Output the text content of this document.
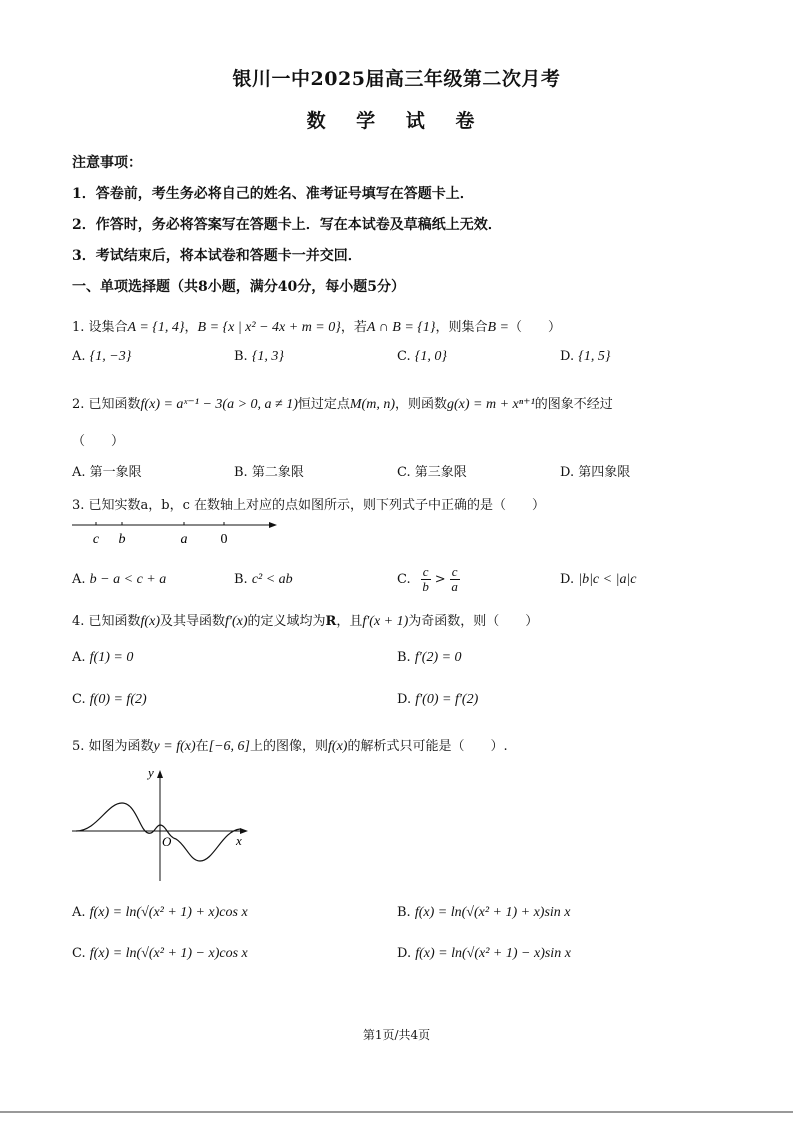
银川一中2025届高三年级第二次月考
数 学 试 卷
注意事项：
1．答卷前，考生务必将自己的姓名、准考证号填写在答题卡上．
2．作答时，务必将答案写在答题卡上．写在本试卷及草稿纸上无效．
3．考试结束后，将本试卷和答题卡一并交回．
一、单项选择题（共8小题，满分40分，每小题5分）
1. 设集合A = {1, 4}，B = {x | x² − 4x + m = 0}，若A ∩ B = {1}，则集合B =（　　）
A. {1, −3}	B. {1, 3}	C. {1, 0}	D. {1, 5}
2. 已知函数f(x) = aˣ⁻¹ − 3(a > 0, a ≠ 1)恒过定点M(m, n)，则函数g(x) = m + xⁿ⁺¹的图象不经过
（　　）
A. 第一象限	B. 第二象限	C. 第三象限	D. 第四象限
3. 已知实数a，b，c 在数轴上对应的点如图所示，则下列式子中正确的是（　　）
c b	a 0
A. b − a < c + a	B. c² < ab	C. $\frac{c}{b} > \frac{c}{a}$	D. |b|c < |a|c
4. 已知函数f(x)及其导函数f′(x)的定义域均为R，且f′(x + 1)为奇函数，则（　　）
A. f(1) = 0	B. f′(2) = 0
C. f(0) = f(2)	D. f′(0) = f′(2)
5. 如图为函数y = f(x)在[−6, 6]上的图像，则f(x)的解析式只可能是（　　）.
y
x
O
A. f(x) = ln(√(x² + 1) + x)cos x	B. f(x) = ln(√(x² + 1) + x)sin x
C. f(x) = ln(√(x² + 1) − x)cos x	D. f(x) = ln(√(x² + 1) − x)sin x
第1页/共4页
